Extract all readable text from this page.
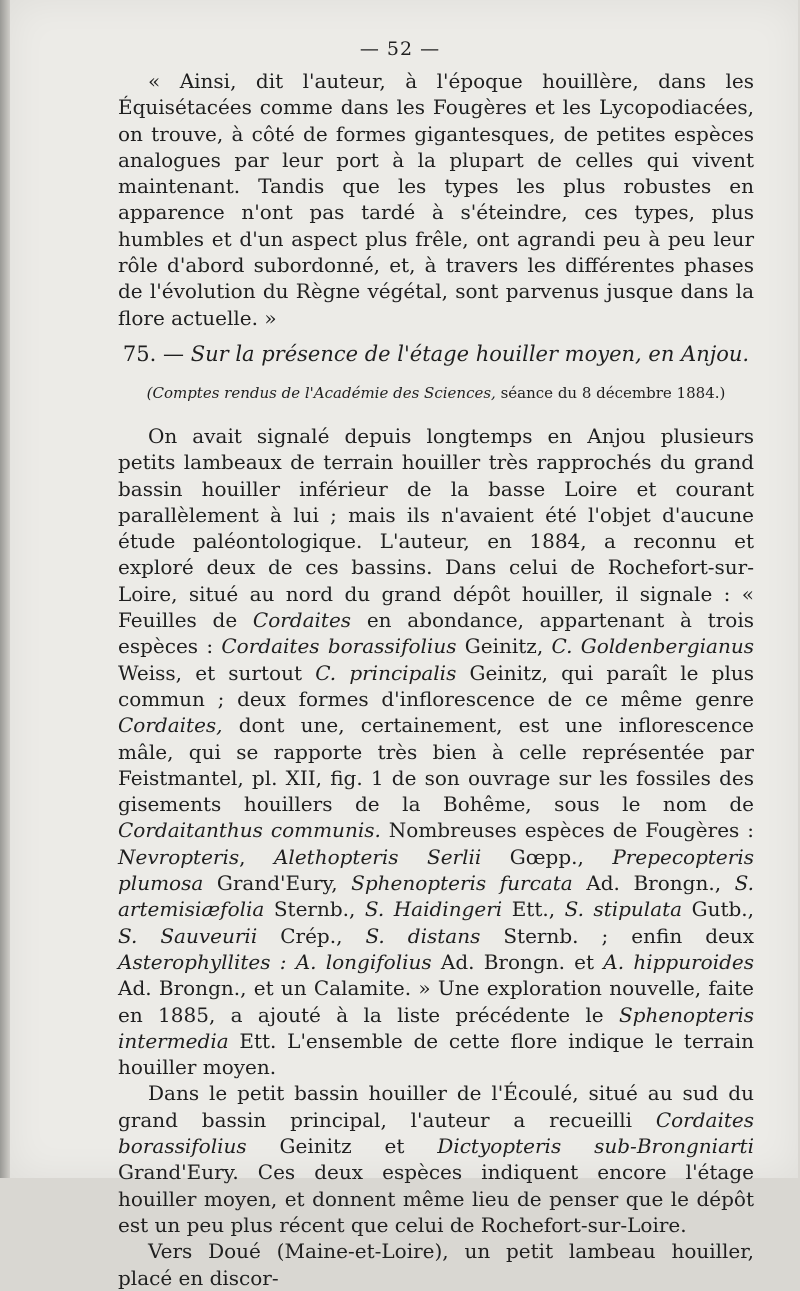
— 52 —

« Ainsi, dit l'auteur, à l'époque houillère, dans les Équisétacées comme dans les Fougères et les Lycopodiacées, on trouve, à côté de formes gigantesques, de petites espèces analogues par leur port à la plupart de celles qui vivent maintenant. Tandis que les types les plus robustes en apparence n'ont pas tardé à s'éteindre, ces types, plus humbles et d'un aspect plus frêle, ont agrandi peu à peu leur rôle d'abord subordonné, et, à travers les différentes phases de l'évolution du Règne végétal, sont parvenus jusque dans la flore actuelle. »

75. — Sur la présence de l'étage houiller moyen, en Anjou.
(Comptes rendus de l'Académie des Sciences, séance du 8 décembre 1884.)

On avait signalé depuis longtemps en Anjou plusieurs petits lambeaux de terrain houiller très rapprochés du grand bassin houiller inférieur de la basse Loire et courant parallèlement à lui ; mais ils n'avaient été l'objet d'aucune étude paléontologique. L'auteur, en 1884, a reconnu et exploré deux de ces bassins. Dans celui de Rochefort-sur-Loire, situé au nord du grand dépôt houiller, il signale : « Feuilles de Cordaites en abondance, appartenant à trois espèces : Cordaites borassifolius Geinitz, C. Goldenbergianus Weiss, et surtout C. principalis Geinitz, qui paraît le plus commun ; deux formes d'inflorescence de ce même genre Cordaites, dont une, certainement, est une inflorescence mâle, qui se rapporte très bien à celle représentée par Feistmantel, pl. XII, fig. 1 de son ouvrage sur les fossiles des gisements houillers de la Bohême, sous le nom de Cordaitanthus communis. Nombreuses espèces de Fougères : Nevropteris, Alethopteris Serlii Gœpp., Prepecopteris plumosa Grand'Eury, Sphenopteris furcata Ad. Brongn., S. artemisiæfolia Sternb., S. Haidingeri Ett., S. stipulata Gutb., S. Sauveurii Crép., S. distans Sternb. ; enfin deux Asterophyllites : A. longifolius Ad. Brongn. et A. hippuroides Ad. Brongn., et un Calamite. » Une exploration nouvelle, faite en 1885, a ajouté à la liste précédente le Sphenopteris intermedia Ett. L'ensemble de cette flore indique le terrain houiller moyen.

Dans le petit bassin houiller de l'Écoulé, situé au sud du grand bassin principal, l'auteur a recueilli Cordaites borassifolius Geinitz et Dictyopteris sub-Brongniarti Grand'Eury. Ces deux espèces indiquent encore l'étage houiller moyen, et donnent même lieu de penser que le dépôt est un peu plus récent que celui de Rochefort-sur-Loire.

Vers Doué (Maine-et-Loire), un petit lambeau houiller, placé en discor-
